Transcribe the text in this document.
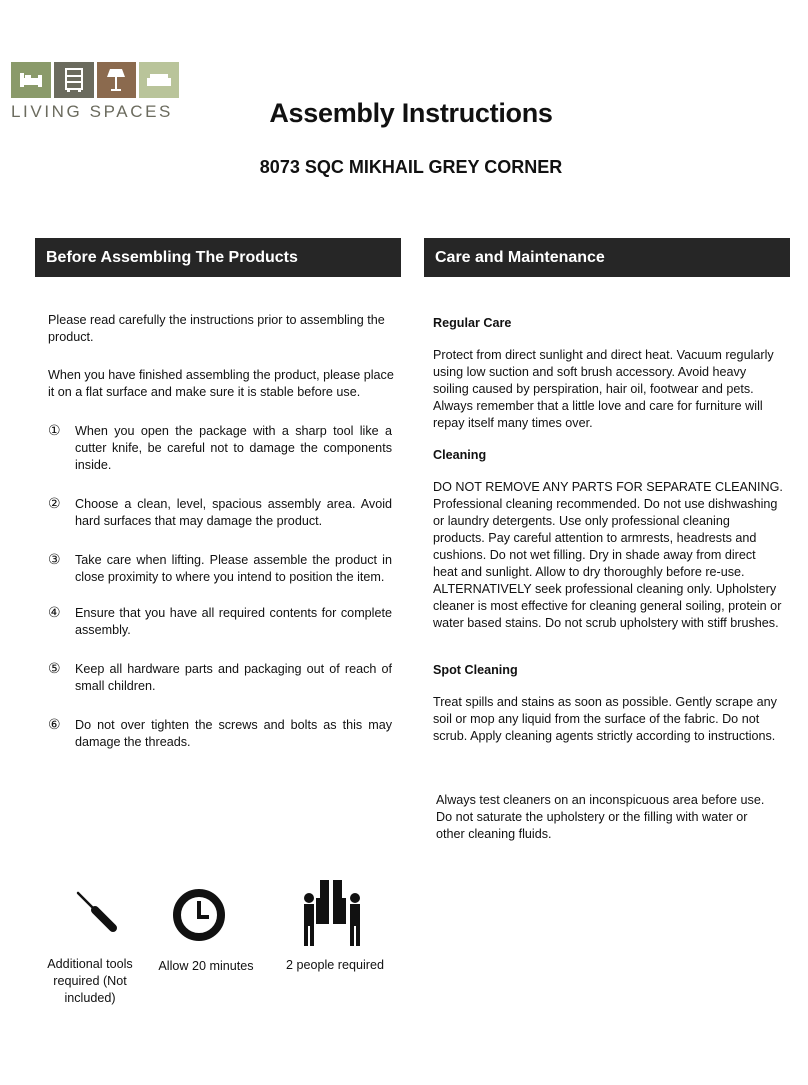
LIVING SPACES	Assembly Instructions
8073 SQC MIKHAIL GREY CORNER
Before Assembling The Products	Care and Maintenance

Please read carefully the instructions prior to assembling the product.

When you have finished assembling the product, please place it on a flat surface and make sure it is stable before use.

①	When you open the package with a sharp tool like a cutter knife, be careful not to damage the components inside.
②	Choose a clean, level, spacious assembly area. Avoid hard surfaces that may damage the product.
③	Take care when lifting. Please assemble the product in close proximity to where you intend to position the item.
④	Ensure that you have all required contents for complete assembly.
⑤	Keep all hardware parts and packaging out of reach of small children.
⑥	Do not over tighten the screws and bolts as this may damage the threads.
Regular Care

Protect from direct sunlight and direct heat. Vacuum regularly using low suction and soft brush accessory. Avoid heavy soiling caused by perspiration, hair oil, footwear and pets. Always remember that a little love and care for furniture will repay itself many times over.

Cleaning

DO NOT REMOVE ANY PARTS FOR SEPARATE CLEANING. Professional cleaning recommended. Do not use dishwashing or laundry detergents. Use only professional cleaning products. Pay careful attention to armrests, headrests and cushions. Do not wet filling. Dry in shade away from direct heat and sunlight. Allow to dry thoroughly before re-use. ALTERNATIVELY seek professional cleaning only. Upholstery cleaner is most effective for cleaning general soiling, protein or water based stains. Do not scrub upholstery with stiff brushes.

Spot Cleaning

Treat spills and stains as soon as possible. Gently scrape any soil or mop any liquid from the surface of the fabric. Do not scrub. Apply cleaning agents strictly according to instructions.

Always test cleaners on an inconspicuous area before use. Do not saturate the upholstery or the filling with water or other cleaning fluids.

Additional tools required (Not included)
Allow 20 minutes	2 people required
